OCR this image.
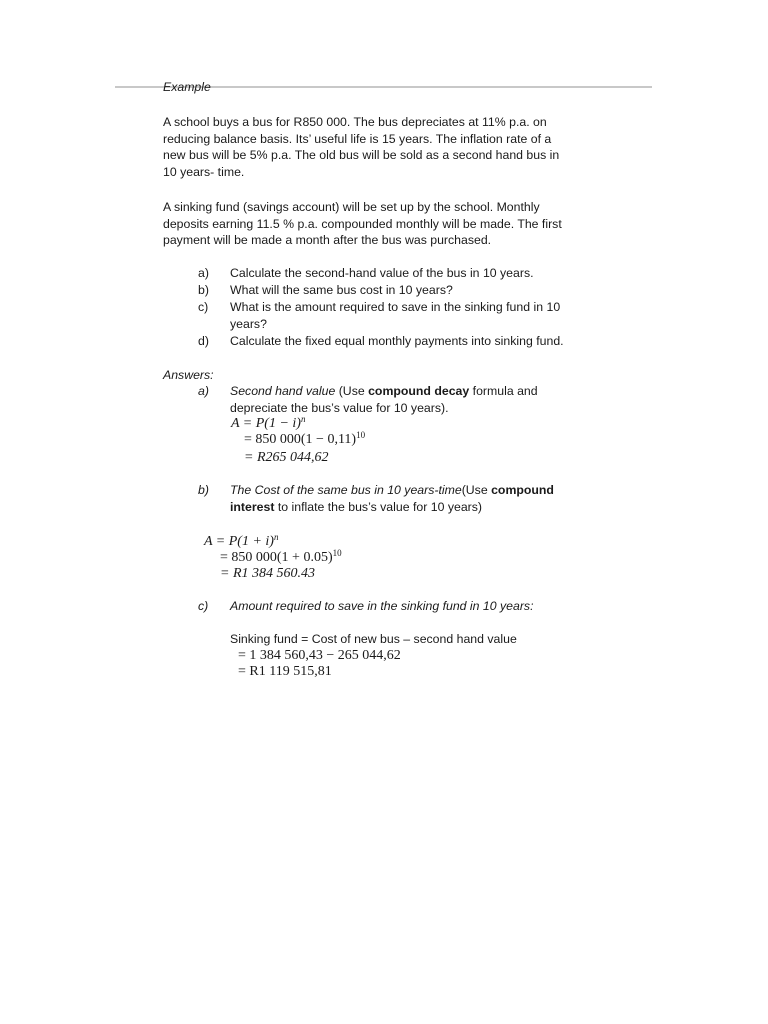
Example
A school buys a bus for R850 000. The bus depreciates at 11% p.a. on
reducing balance basis. Its’ useful life is 15 years. The inflation rate of a
new bus will be 5% p.a. The old bus will be sold as a second hand bus in
10 years- time.
A sinking fund (savings account) will be set up by the school. Monthly
deposits earning 11.5 % p.a. compounded monthly will be made. The first
payment will be made a month after the bus was purchased.
a) Calculate the second-hand value of the bus in 10 years.
b) What will the same bus cost in 10 years?
c) What is the amount required to save in the sinking fund in 10
years?
d) Calculate the fixed equal monthly payments into sinking fund.
Answers:
a) Second hand value (Use compound decay formula and
depreciate the bus’s value for 10 years).
$A = P(1 - i)^n$
= 850 $000(1 - 0,11)^{10}$
= R265 044,62
b) The Cost of the same bus in 10 years-time(Use compound
interest to inflate the bus’s value for 10 years)
$A = P(1 + i)^n$
= 850 $000(1 + 0.05)^{10}$
= R1 384 560.43
c) Amount required to save in the sinking fund in 10 years:
Sinking fund = Cost of new bus – second hand value
= 1 384 560,43 − 265 044,62
= R1 119 515,81
